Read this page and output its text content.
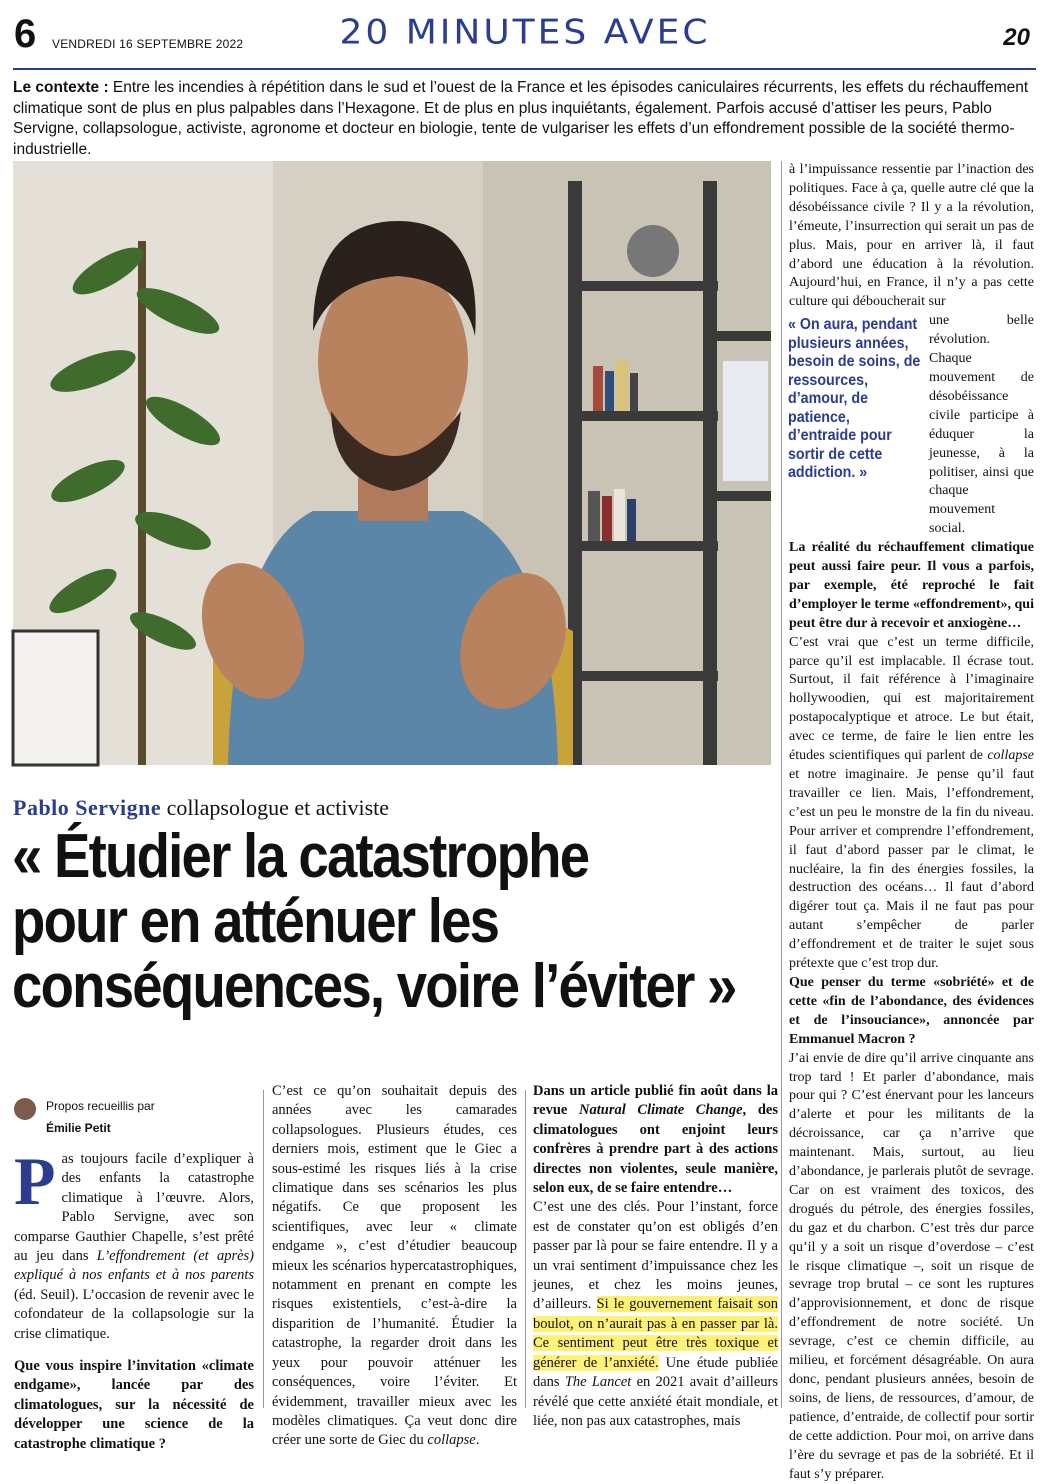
6 VENDREDI 16 SEPTEMBRE 2022	20 MINUTES AVEC	20
Le contexte : Entre les incendies à répétition dans le sud et l’ouest de la France et les épisodes caniculaires récurrents, les effets du réchauffement climatique sont de plus en plus palpables dans l’Hexagone. Et de plus en plus inquiétants, également. Parfois accusé d’attiser les peurs, Pablo Servigne, collapsologue, activiste, agronome et docteur en biologie, tente de vulgariser les effets d’un effondrement possible de la société thermo-industrielle.
Pablo Servigne vient de sortir un livre à destination des enfants.
É. Petit / 20 Minutes
Pablo Servigne collapsologue et activiste
« Étudier la catastrophe
pour en atténuer les
conséquences, voire l’éviter »
Propos recueillis par
Émilie Petit

Pas toujours facile d’expliquer à des enfants la catastrophe climatique à l’œuvre. Alors, Pablo Servigne, avec son comparse Gauthier Chapelle, s’est prêté au jeu dans L’effondrement (et après) expliqué à nos enfants et à nos parents (éd. Seuil). L’occasion de revenir avec le cofondateur de la collapsologie sur la crise climatique.

Que vous inspire l’invitation «climate endgame», lancée par des climatologues, sur la nécessité de développer une science de la catastrophe climatique ?

C’est ce qu’on souhaitait depuis des années avec les camarades collapsologues. Plusieurs études, ces derniers mois, estiment que le Giec a sous-estimé les risques liés à la crise climatique dans ses scénarios les plus négatifs. Ce que proposent les scientifiques, avec leur « climate endgame », c’est d’étudier beaucoup mieux les scénarios hypercatastrophiques, notamment en prenant en compte les risques existentiels, c’est-à-dire la disparition de l’humanité. Étudier la catastrophe, la regarder droit dans les yeux pour pouvoir atténuer les conséquences, voire l’éviter. Et évidemment, travailler mieux avec les modèles climatiques. Ça veut donc dire créer une sorte de Giec du collapse.

Dans un article publié fin août dans la revue Natural Climate Change, des climatologues ont enjoint leurs confrères à prendre part à des actions directes non violentes, seule manière, selon eux, de se faire entendre…

C’est une des clés. Pour l’instant, force est de constater qu’on est obligés d’en passer par là pour se faire entendre. Il y a un vrai sentiment d’impuissance chez les jeunes, et chez les moins jeunes, d’ailleurs. Si le gouvernement faisait son boulot, on n’aurait pas à en passer par là. Ce sentiment peut être très toxique et générer de l’anxiété. Une étude publiée dans The Lancet en 2021 avait d’ailleurs révélé que cette anxiété était mondiale, et liée, non pas aux catastrophes, mais

à l’impuissance ressentie par l’inaction des politiques. Face à ça, quelle autre clé que la désobéissance civile ? Il y a la révolution, l’émeute, l’insurrection qui serait un pas de plus. Mais, pour en arriver là, il faut d’abord une éducation à la révolution. Aujourd’hui, en France, il n’y a pas cette culture qui déboucherait sur

une belle révolution. Chaque mouvement de désobéissance civile participe à éduquer la jeunesse, à la politiser, ainsi que chaque mouvement social.

La réalité du réchauffement climatique peut aussi faire peur. Il vous a parfois, par exemple, été reproché le fait d’employer le terme «effondrement», qui peut être dur à recevoir et anxiogène…

C’est vrai que c’est un terme difficile, parce qu’il est implacable. Il écrase tout. Surtout, il fait référence à l’imaginaire hollywoodien, qui est majoritairement postapocalyptique et atroce. Le but était, avec ce terme, de faire le lien entre les études scientifiques qui parlent de collapse et notre imaginaire. Je pense qu’il faut travailler ce lien. Mais, l’effondrement, c’est un peu le monstre de la fin du niveau. Pour arriver et comprendre l’effondrement, il faut d’abord passer par le climat, le nucléaire, la fin des énergies fossiles, la destruction des océans… Il faut d’abord digérer tout ça. Mais il ne faut pas pour autant s’empêcher de parler d’effondrement et de traiter le sujet sous prétexte que c’est trop dur.

Que penser du terme «sobriété» et de cette «fin de l’abondance, des évidences et de l’insouciance», annoncée par Emmanuel Macron ?

J’ai envie de dire qu’il arrive cinquante ans trop tard ! Et parler d’abondance, mais pour qui ? C’est énervant pour les lanceurs d’alerte et pour les militants de la décroissance, car ça n’arrive que maintenant. Mais, surtout, au lieu d’abondance, je parlerais plutôt de sevrage. Car on est vraiment des toxicos, des drogués du pétrole, des énergies fossiles, du gaz et du charbon. C’est très dur parce qu’il y a soit un risque d’overdose – c’est le risque climatique –, soit un risque de sevrage trop brutal – ce sont les ruptures d’approvisionnement, et donc de risque d’effondrement de notre société. Un sevrage, c’est ce chemin difficile, au milieu, et forcément désagréable. On aura donc, pendant plusieurs années, besoin de soins, de liens, de ressources, d’amour, de patience, d’entraide, de collectif pour sortir de cette addiction. Pour moi, on arrive dans l’ère du sevrage et pas de la sobriété. Et il faut s’y préparer.

« On aura, pendant plusieurs années, besoin de soins, de ressources, d’amour, de patience, d’entraide pour sortir de cette addiction. »
